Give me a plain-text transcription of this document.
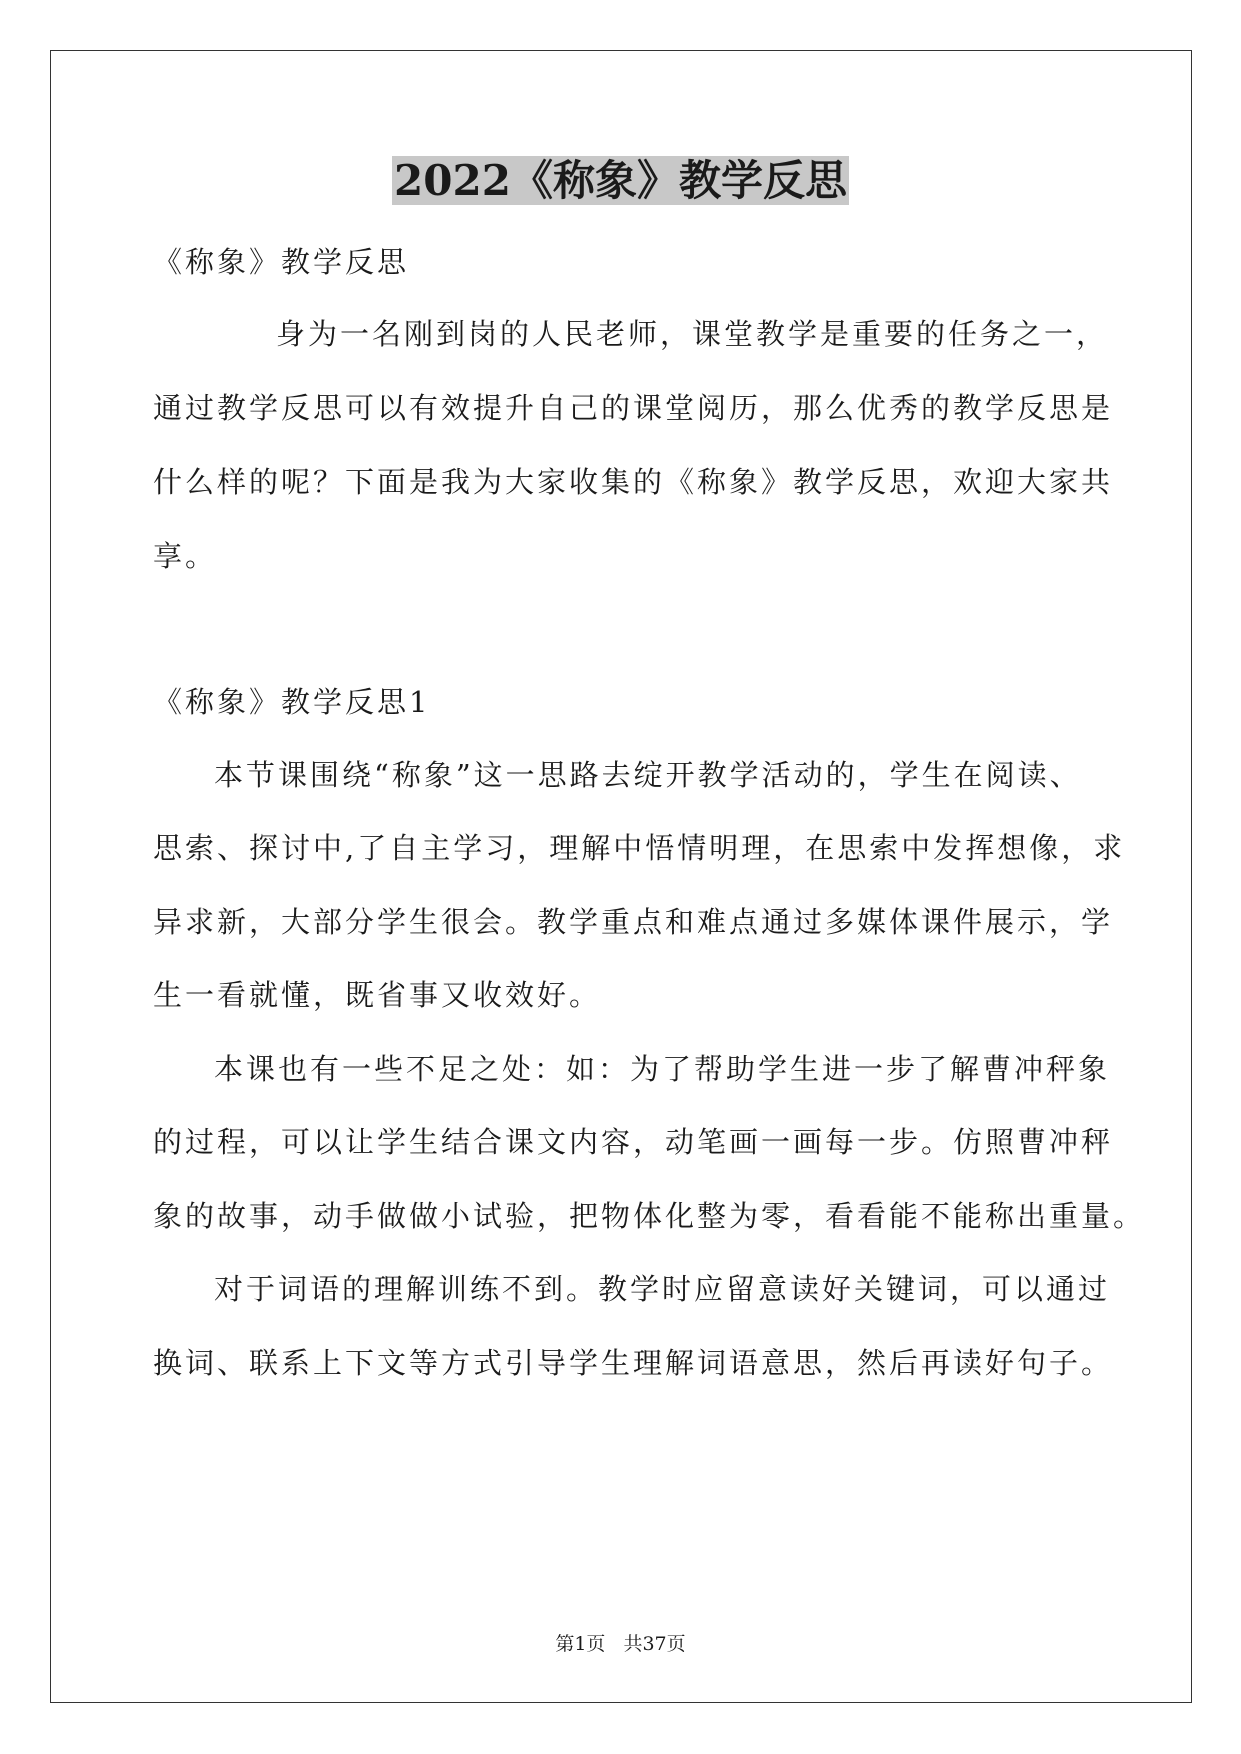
2022《称象》教学反思

《称象》教学反思

身为一名刚到岗的人民老师，课堂教学是重要的任务之一，

通过教学反思可以有效提升自己的课堂阅历，那么优秀的教学反思是

什么样的呢？下面是我为大家收集的《称象》教学反思，欢迎大家共

享。

《称象》教学反思1

本节课围绕“称象”这一思路去绽开教学活动的，学生在阅读、

思索、探讨中,了自主学习，理解中悟情明理，在思索中发挥想像，求

异求新，大部分学生很会。教学重点和难点通过多媒体课件展示，学

生一看就懂，既省事又收效好。

本课也有一些不足之处：如：为了帮助学生进一步了解曹冲秤象

的过程，可以让学生结合课文内容，动笔画一画每一步。仿照曹冲秤

象的故事，动手做做小试验，把物体化整为零，看看能不能称出重量。

对于词语的理解训练不到。教学时应留意读好关键词，可以通过

换词、联系上下文等方式引导学生理解词语意思，然后再读好句子。

第1页 共37页
